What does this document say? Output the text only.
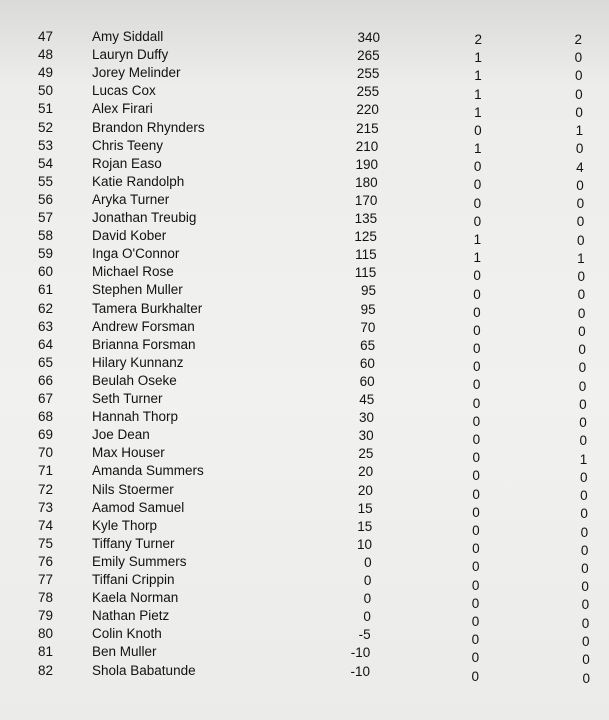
47	Amy Siddall	340	2	2
48	Lauryn Duffy	265	1	0
49	Jorey Melinder	255	1	0
50	Lucas Cox	255	1	0
51	Alex Firari	220	1	0
52	Brandon Rhynders	215	0	1
53	Chris Teeny	210	1	0
54	Rojan Easo	190	0	4
55	Katie Randolph	180	0	0
56	Aryka Turner	170	0	0
57	Jonathan Treubig	135	0	0
58	David Kober	125	1	0
59	Inga O'Connor	115	1	1
60	Michael Rose	115	0	0
61	Stephen Muller	95	0	0
62	Tamera Burkhalter	95	0	0
63	Andrew Forsman	70	0	0
64	Brianna Forsman	65	0	0
65	Hilary Kunnanz	60	0	0
66	Beulah Oseke	60	0	0
67	Seth Turner	45	0	0
68	Hannah Thorp	30	0	0
69	Joe Dean	30	0	0
70	Max Houser	25	0	1
71	Amanda Summers	20	0	0
72	Nils Stoermer	20	0	0
73	Aamod Samuel	15	0	0
74	Kyle Thorp	15	0	0
75	Tiffany Turner	10	0	0
76	Emily Summers	0	0	0
77	Tiffani Crippin	0	0	0
78	Kaela Norman	0	0	0
79	Nathan Pietz	0	0	0
80	Colin Knoth	-5	0	0
81	Ben Muller	-10	0	0
82	Shola Babatunde	-10	0	0
